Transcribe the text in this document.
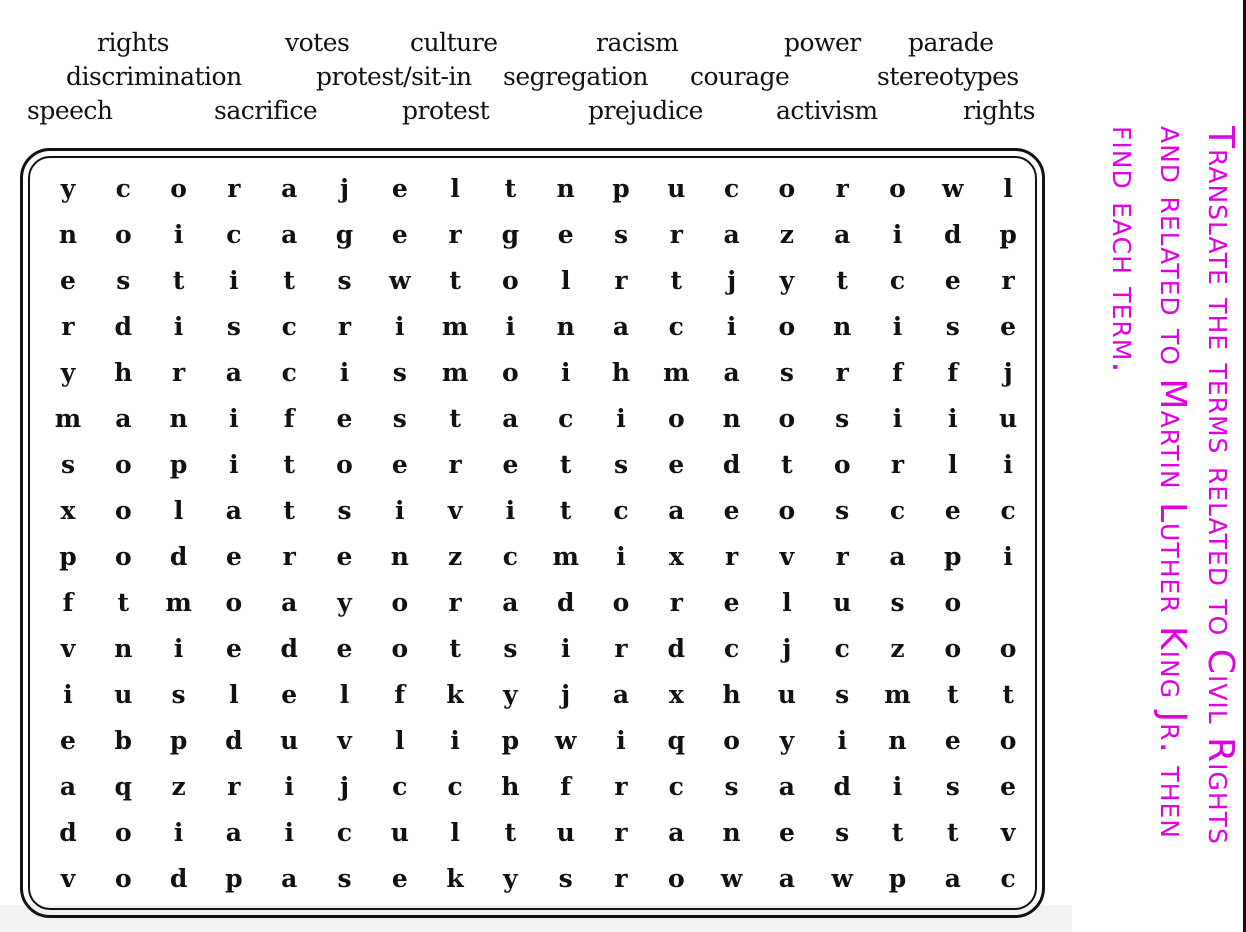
rights	votes culture	racism	power parade
discrimination	protest/sit-in segregation courage	stereotypes
speech	sacrifice	protest	prejudice	activism	rights
y	c	o	r	a	j	e	l	t	n	p	u	c	o	r	o	w	l
n	o	i	c	a	g	e	r	g	e	s	r	a	z	a	i	d	p
e	s	t	i	t	s	w	t	o	l	r	t	j	y	t	c	e	r
r	d	i	s	c	r	i	m	i	n	a	c	i	o	n	i	s	e
y	h	r	a	c	i	s	m	o	i	h	m	a	s	r	f	f	j
m	a	n	i	f	e	s	t	a	c	i	o	n	o	s	i	i	u
s	o	p	i	t	o	e	r	e	t	s	e	d	t	o	r	l	i
x	o	l	a	t	s	i	v	i	t	c	a	e	o	s	c	e	c
p	o	d	e	r	e	n	z	c	m	i	x	r	v	r	a	p	i
f	t	m	o	a	y	o	r	a	d	o	r	e	l	u	s	o
v	n	i	e	d	e	o	t	s	i	r	d	c	j	c	z	o	o
i	u	s	l	e	l	f	k	y	j	a	x	h	u	s	m	t	t
e	b	p	d	u	v	l	i	p	w	i	q	o	y	i	n	e	o
a	q	z	r	i	j	c	c	h	f	r	c	s	a	d	i	s	e
d	o	i	a	i	c	u	l	t	u	r	a	n	e	s	t	t	v
v	o	d	p	a	s	e	k	y	s	r	o	w	a	w	p	a	c
Translate the terms related to Civil Rights and related to Martin Luther King Jr. then find each term.
